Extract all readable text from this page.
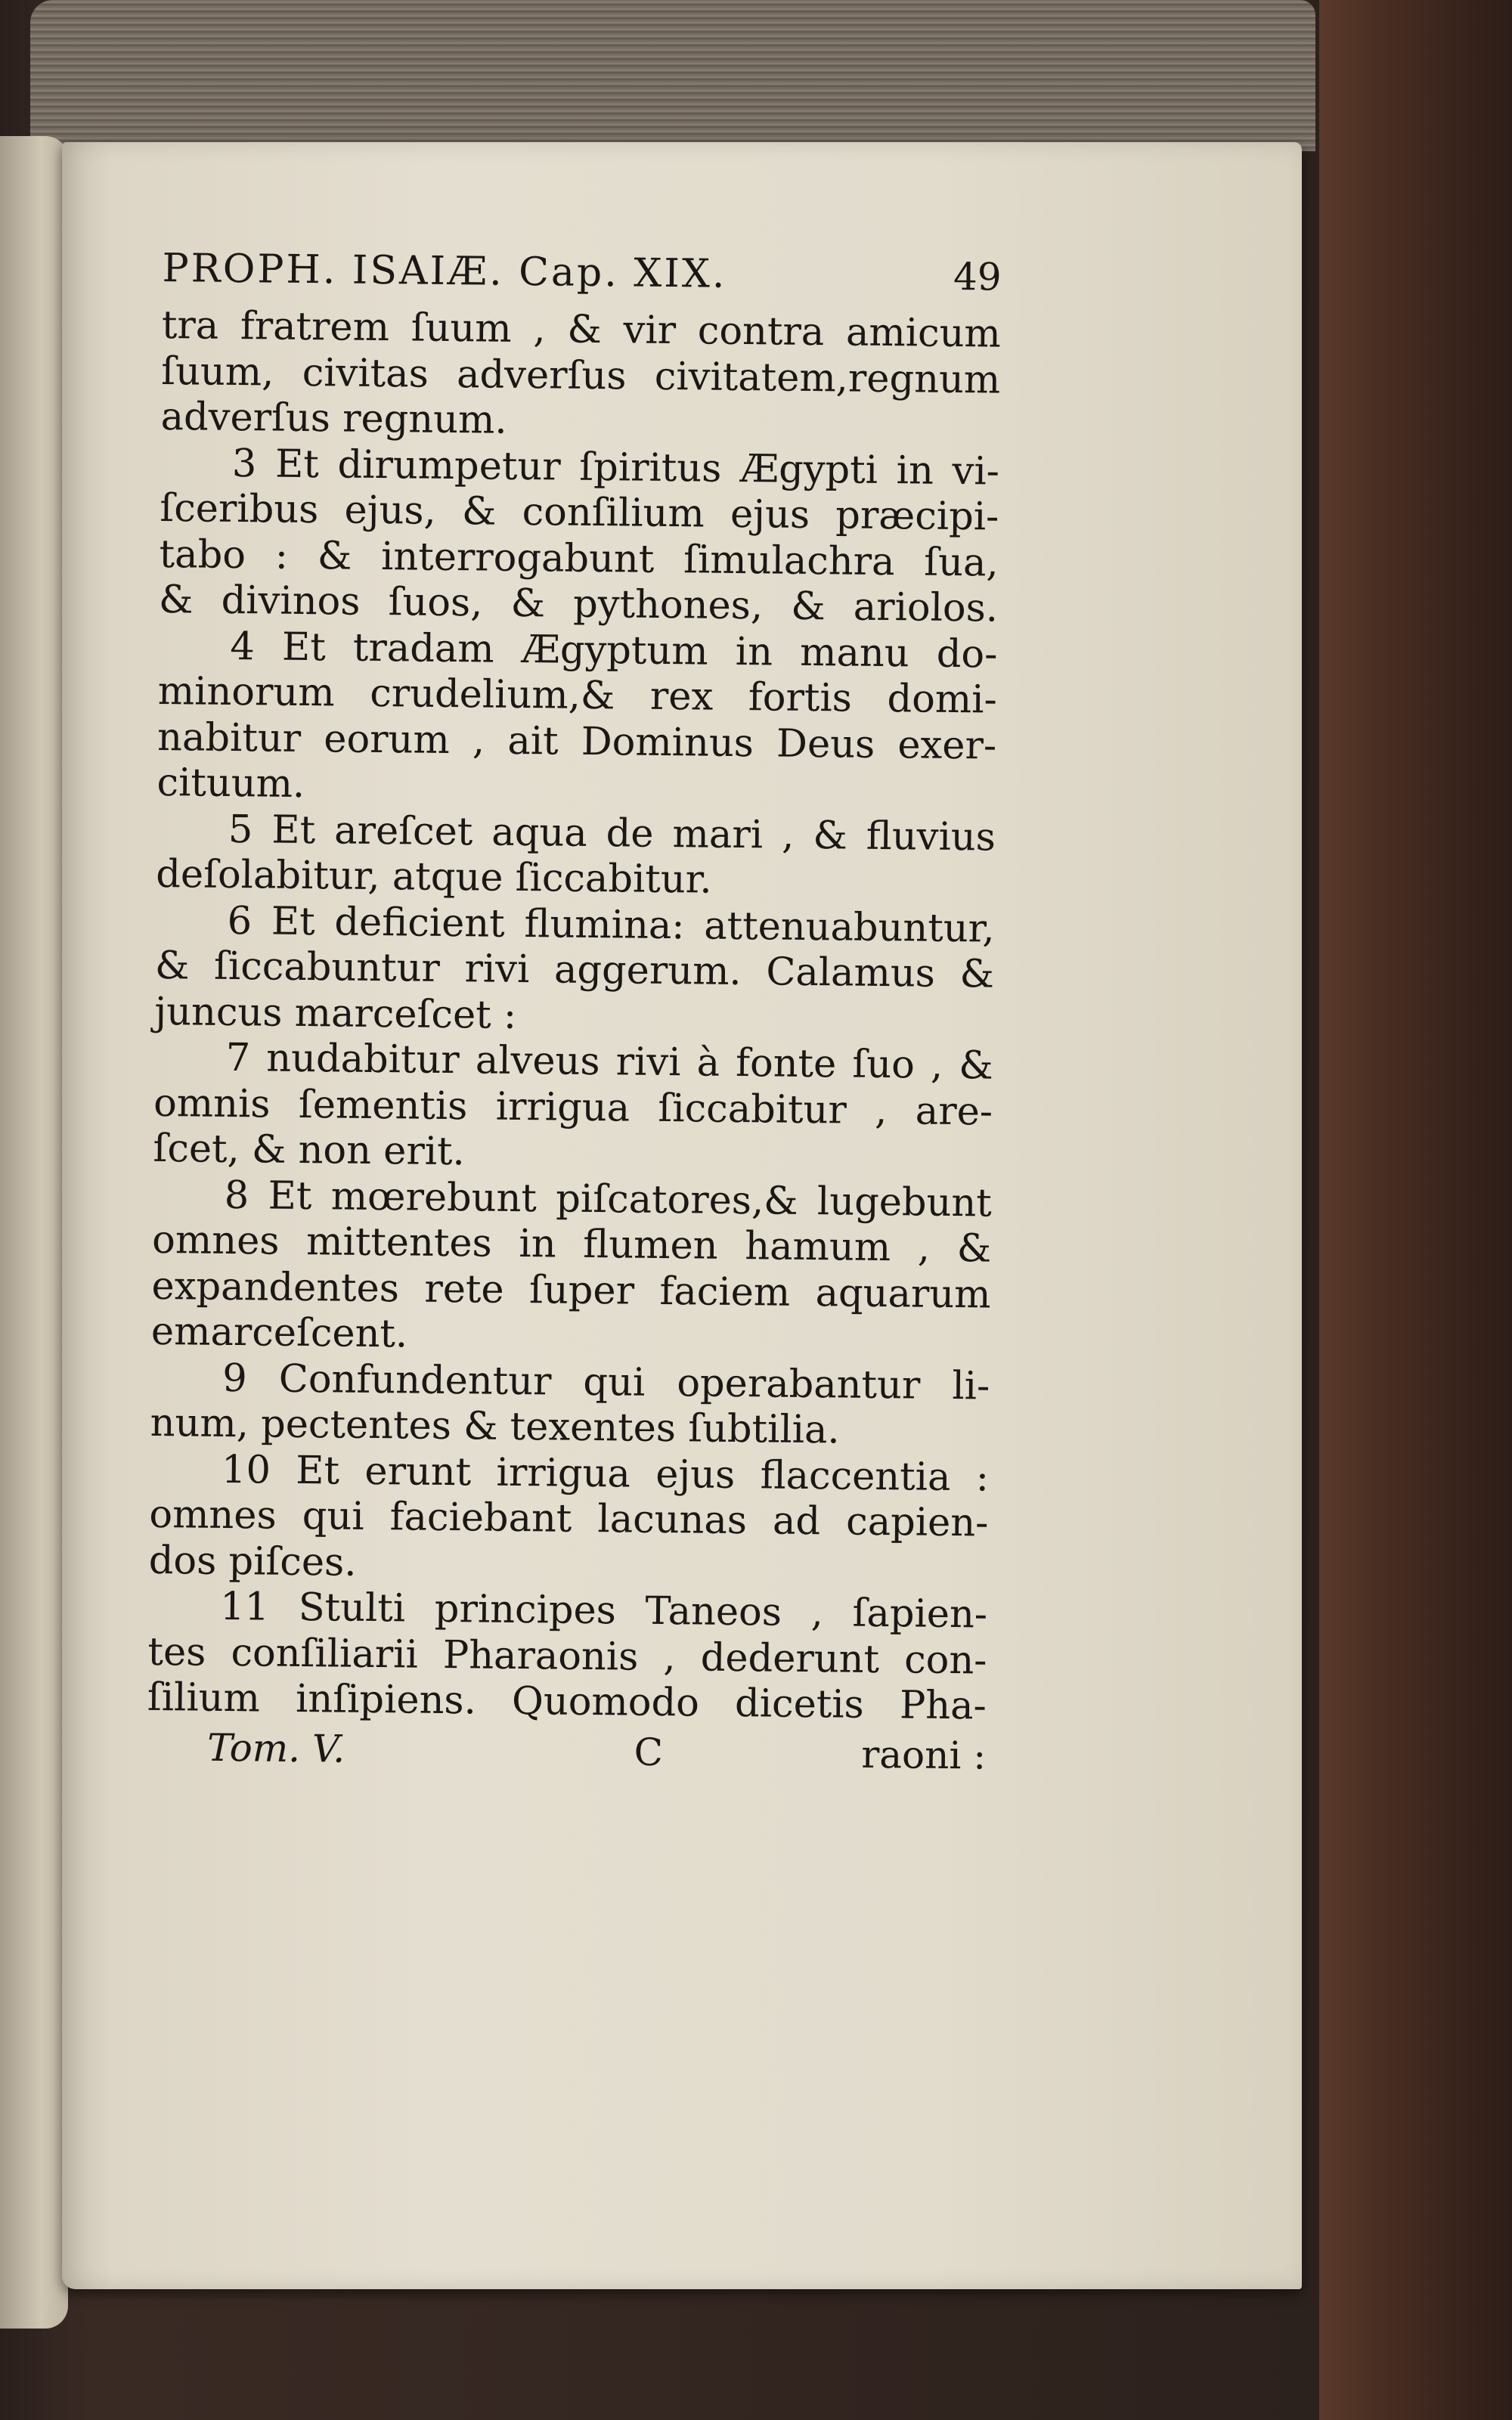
PROPH. ISAIÆ. Cap. XIX.	49
tra fratrem ſuum , & vir contra amicum
ſuum, civitas adverſus civitatem,regnum
adverſus regnum.
3 Et dirumpetur ſpiritus Ægypti in vi-
ſceribus ejus, & conſilium ejus præcipi-
tabo : & interrogabunt ſimulachra ſua,
& divinos ſuos, & pythones, & ariolos.
4 Et tradam Ægyptum in manu do-
minorum crudelium,& rex fortis domi-
nabitur eorum , ait Dominus Deus exer-
cituum.
5 Et areſcet aqua de mari , & fluvius
deſolabitur, atque ſiccabitur.
6 Et deficient flumina: attenuabuntur,
& ſiccabuntur rivi aggerum. Calamus &
juncus marceſcet :
7 nudabitur alveus rivi à fonte ſuo , &
omnis ſementis irrigua ſiccabitur , are-
ſcet, & non erit.
8 Et mœrebunt piſcatores,& lugebunt
omnes mittentes in flumen hamum , &
expandentes rete ſuper faciem aquarum
emarceſcent.
9 Confundentur qui operabantur li-
num, pectentes & texentes ſubtilia.
10 Et erunt irrigua ejus flaccentia :
omnes qui faciebant lacunas ad capien-
dos piſces.
11 Stulti principes Taneos , ſapien-
tes conſiliarii Pharaonis , dederunt con-
ſilium inſipiens. Quomodo dicetis Pha-
Tom. V.	C	raoni :
